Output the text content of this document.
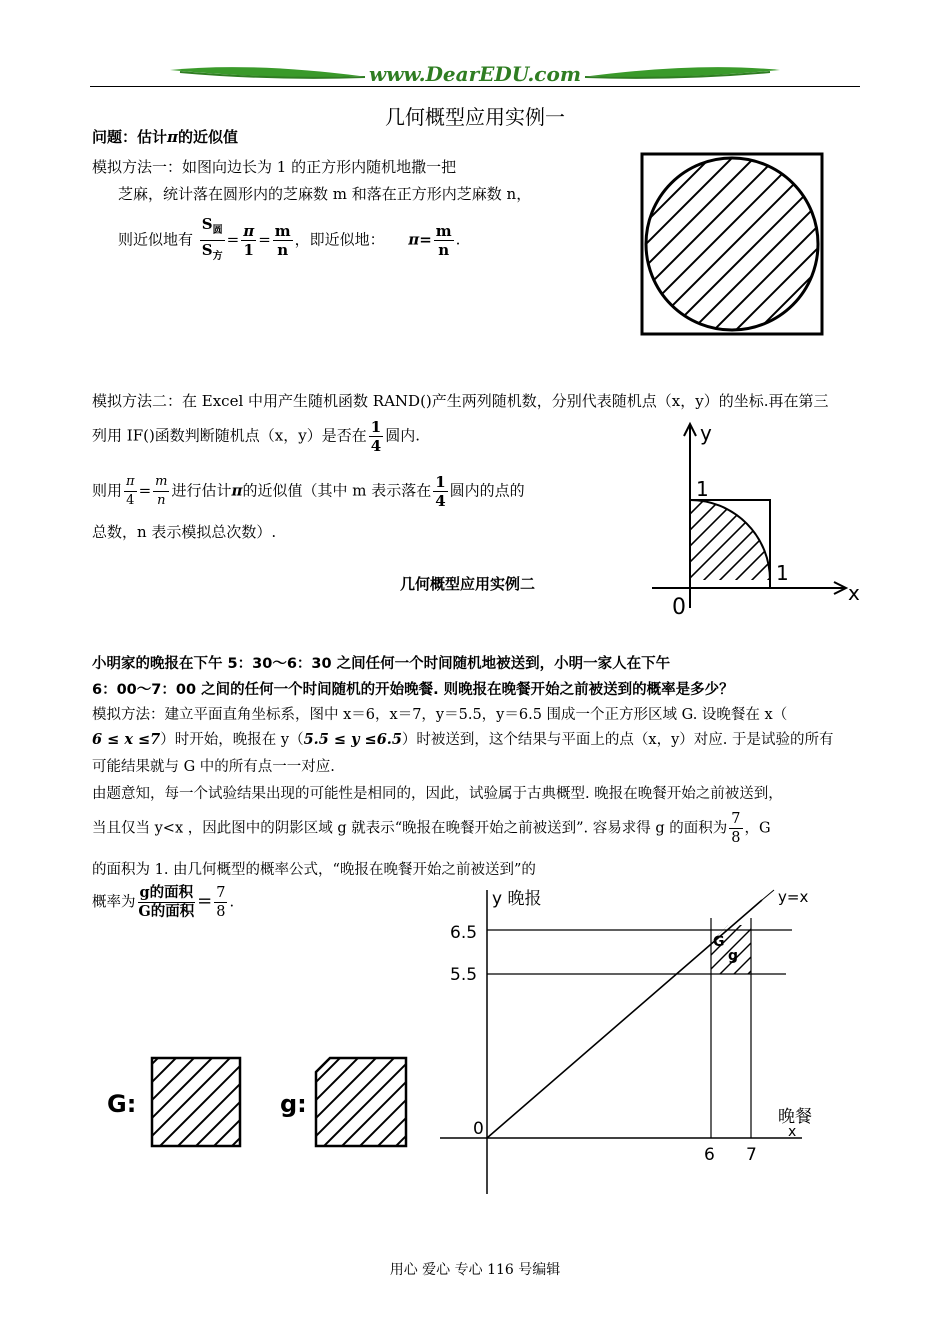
www.DearEDU.com
几何概型应用实例一
问题：估计π的近似值
模拟方法一：如图向边长为 1 的正方形内随机地撒一把
芝麻，统计落在圆形内的芝麻数 m 和落在正方形内芝麻数 n，
则近似地有 $\frac{S_圆}{S_方} = \frac{\pi}{1} = \frac{m}{n}$ ，即近似地： $\pi= \frac{m}{n}$ .
模拟方法二：在 Excel 中用产生随机函数 RAND()产生两列随机数，分别代表随机点（x，y）的坐标.再在第三
列用 IF()函数判断随机点（x，y）是否在 $\frac{1}{4}$ 圆内.
则用 $\frac{\pi}{4} = \frac{m}{n}$ 进行估计π的近似值（其中 m 表示落在 $\frac{1}{4}$ 圆内的点的
总数，n 表示模拟总次数）.
y
x
1
1
0
几何概型应用实例二
小明家的晚报在下午 5：30～6：30 之间任何一个时间随机地被送到，小明一家人在下午
6：00～7：00 之间的任何一个时间随机的开始晚餐. 则晚报在晚餐开始之前被送到的概率是多少？
模拟方法：建立平面直角坐标系，图中 x＝6，x＝7，y＝5.5，y＝6.5 围成一个正方形区域 G. 设晚餐在 x（
6 ≤ x ≤7）时开始，晚报在 y（5.5 ≤ y ≤6.5）时被送到，这个结果与平面上的点（x，y）对应. 于是试验的所有
可能结果就与 G 中的所有点一一对应.
由题意知，每一个试验结果出现的可能性是相同的，因此，试验属于古典概型. 晚报在晚餐开始之前被送到，
当且仅当 y<x ，因此图中的阴影区域 g 就表示“晚报在晚餐开始之前被送到”. 容易求得 g 的面积为 $\frac{7}{8}$ ，G
的面积为 1. 由几何概型的概率公式，“晚报在晚餐开始之前被送到”的
概率为 $\frac{\text{g的面积}}{\text{G的面积}} = \frac{7}{8}$ .
G:	g:
y 晚报	y=x
6.5
5.5
0
6 7
晚餐
x
G
g
用心 爱心 专心 116 号编辑
